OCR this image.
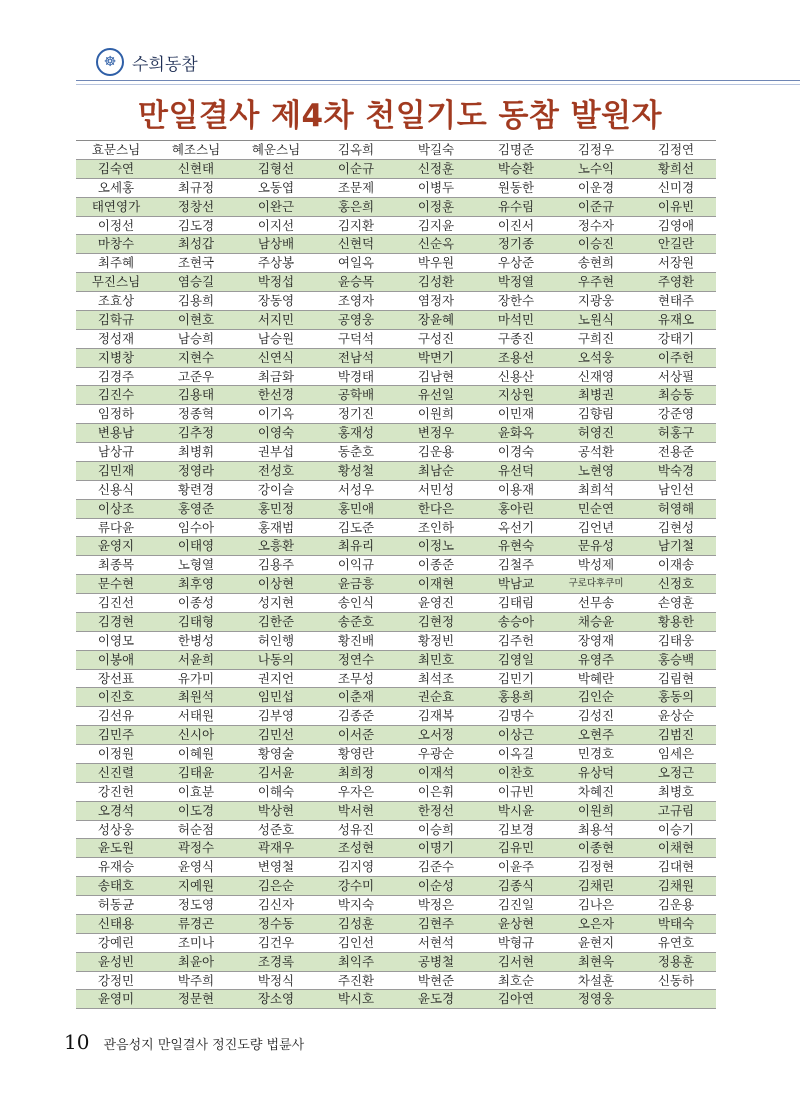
☸ 수희동참
만일결사 제4차 천일기도 동참 발원자
효문스님	혜조스님	혜운스님	김옥희	박길숙	김명준	김정우	김정연
김숙연	신현태	김형선	이순규	신정훈	박승환	노수익	황희선
오세홍	최규정	오동엽	조문제	이병두	원동한	이운경	신미경
태연영가	정창선	이완근	홍은희	이정훈	유수림	이준규	이유빈
이정선	김도경	이지선	김지환	김지윤	이진서	정수자	김영애
마창수	최성갑	남상배	신현덕	신순옥	정기종	이승진	안길란
최주혜	조현국	주상봉	여일옥	박우원	우상준	송현희	서장원
무진스님	염승길	박정섭	윤승목	김성환	박정열	우주현	주영환
조효상	김용희	장동영	조영자	염정자	장한수	지광웅	현태주
김학규	이현호	서지민	공영웅	장윤혜	마석민	노원식	유재오
정성재	남승희	남승원	구덕석	구성진	구종진	구희진	강태기
지병창	지현수	신연식	전남석	박면기	조용선	오석웅	이주헌
김경주	고준우	최금화	박경태	김남현	신용산	신재영	서상필
김진수	김용태	한선경	공학배	유선일	지상원	최병권	최승동
임정하	정종혁	이기옥	정기진	이원희	이민재	김향림	강준영
변용남	김추정	이영숙	홍재성	변정우	윤화옥	허영진	허홍구
남상규	최병휘	권부섭	동춘호	김운용	이경숙	공석환	전용준
김민재	정영라	전성호	황성철	최남순	유선덕	노현영	박숙경
신용식	황련경	강이슬	서성우	서민성	이용재	최희석	남인선
이상조	홍영준	홍민정	홍민애	한다은	홍아린	민순연	허영해
류다윤	임수아	홍재범	김도준	조인하	옥선기	김언년	김현성
윤영지	이태영	오흥환	최유리	이정노	유현숙	문유성	남기철
최종목	노형열	김용주	이익규	이종준	김철주	박성제	이재송
문수현	최후영	이상현	윤금흥	이재현	박남교	구로다후쿠미	신정호
김진선	이종성	성지현	송인식	윤영진	김태림	선무송	손영훈
김경현	김태형	김한준	송준호	김현정	송승아	채승윤	황용한
이영모	한병성	허인행	황진배	황정빈	김주헌	장영재	김태웅
이봉애	서윤희	나동의	정연수	최민호	김영일	유영주	홍승백
장선표	유가미	권지언	조무성	최석조	김민기	박혜란	김림현
이진호	최원석	임민섭	이춘재	권순효	홍용희	김인순	홍동의
김선유	서태원	김부영	김종준	김재복	김명수	김성진	윤상순
김민주	신시아	김민선	이서준	오서정	이상근	오현주	김범진
이정원	이혜원	황영술	황영란	우광순	이옥길	민경호	임세은
신진렬	김태윤	김서윤	최희정	이재석	이찬호	유상덕	오정근
강진헌	이효분	이해숙	우자은	이은휘	이규빈	차혜진	최병호
오경석	이도경	박상현	박서현	한정선	박시윤	이원희	고규림
성상웅	허순점	성준호	성유진	이승희	김보경	최용석	이승기
윤도원	곽정수	곽재우	조성현	이명기	김유민	이종현	이채현
유재승	윤영식	변영철	김지영	김준수	이윤주	김정현	김대현
송태호	지예원	김은순	강수미	이순성	김종식	김채린	김채원
허동균	정도영	김신자	박지숙	박정은	김진일	김나은	김운용
신태용	류경곤	정수동	김성훈	김현주	윤상현	오은자	박태숙
강예린	조미나	김건우	김인선	서현석	박형규	윤현지	유연호
윤성빈	최윤아	조경록	최익주	공병철	김서현	최현욱	정용훈
강정민	박주희	박정식	주진환	박현준	최호순	차설훈	신동하
윤영미	정문현	장소영	박시호	윤도경	김아연	정영웅
10 관음성지 만일결사 정진도량 법륜사
